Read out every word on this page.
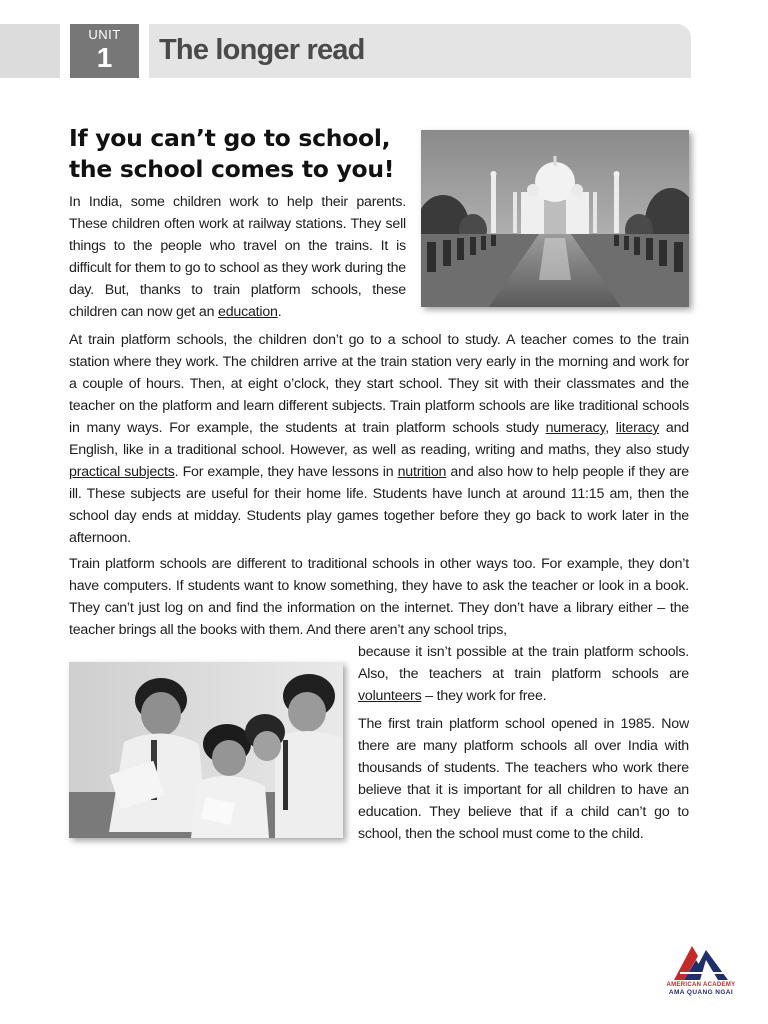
UNIT
1	The longer read
If you can’t go to school,
the school comes to you!

In India, some children work to help their parents. These children often work at railway stations. They sell things to the people who travel on the trains. It is difficult for them to go to school as they work during the day. But, thanks to train platform schools, these children can now get an education.

At train platform schools, the children don’t go to a school to study. A teacher comes to the train station where they work. The children arrive at the train station very early in the morning and work for a couple of hours. Then, at eight o’clock, they start school. They sit with their classmates and the teacher on the platform and learn different subjects. Train platform schools are like traditional schools in many ways. For example, the students at train platform schools study numeracy, literacy and English, like in a traditional school. However, as well as reading, writing and maths, they also study practical subjects. For example, they have lessons in nutrition and also how to help people if they are ill. These subjects are useful for their home life. Students have lunch at around 11:15 am, then the school day ends at midday. Students play games together before they go back to work later in the afternoon.

Train platform schools are different to traditional schools in other ways too. For example, they don’t have computers. If students want to know something, they have to ask the teacher or look in a book. They can’t just log on and find the information on the internet. They don’t have a library either – the teacher brings all the books with them. And there aren’t any school trips,

because it isn’t possible at the train platform schools. Also, the teachers at train platform schools are volunteers – they work for free.

The first train platform school opened in 1985. Now there are many platform schools all over India with thousands of students. The teachers who work there believe that it is important for all children to have an education. They believe that if a child can’t go to school, then the school must come to the child.

AMERICAN ACADEMY
AMA QUANG NGAI
